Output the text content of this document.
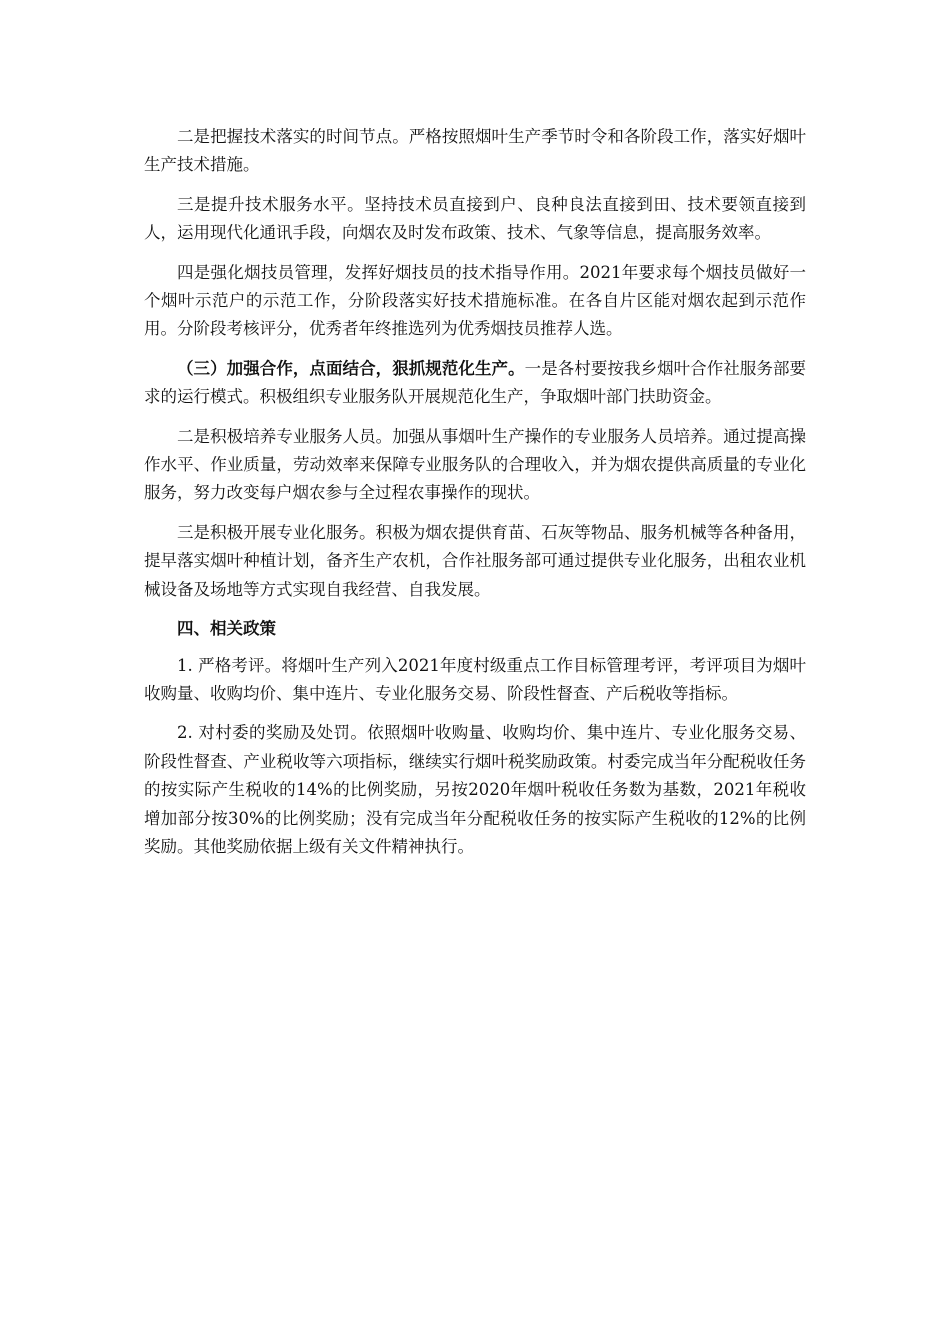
二是把握技术落实的时间节点。严格按照烟叶生产季节时令和各阶段工作，落实好烟叶生产技术措施。

三是提升技术服务水平。坚持技术员直接到户、良种良法直接到田、技术要领直接到人，运用现代化通讯手段，向烟农及时发布政策、技术、气象等信息，提高服务效率。

四是强化烟技员管理，发挥好烟技员的技术指导作用。2021年要求每个烟技员做好一个烟叶示范户的示范工作，分阶段落实好技术措施标准。在各自片区能对烟农起到示范作用。分阶段考核评分，优秀者年终推选列为优秀烟技员推荐人选。

（三）加强合作，点面结合，狠抓规范化生产。一是各村要按我乡烟叶合作社服务部要求的运行模式。积极组织专业服务队开展规范化生产，争取烟叶部门扶助资金。

二是积极培养专业服务人员。加强从事烟叶生产操作的专业服务人员培养。通过提高操作水平、作业质量，劳动效率来保障专业服务队的合理收入，并为烟农提供高质量的专业化服务，努力改变每户烟农参与全过程农事操作的现状。

三是积极开展专业化服务。积极为烟农提供育苗、石灰等物品、服务机械等各种备用，提早落实烟叶种植计划，备齐生产农机，合作社服务部可通过提供专业化服务，出租农业机械设备及场地等方式实现自我经营、自我发展。

四、相关政策

1. 严格考评。将烟叶生产列入2021年度村级重点工作目标管理考评，考评项目为烟叶收购量、收购均价、集中连片、专业化服务交易、阶段性督查、产后税收等指标。

2. 对村委的奖励及处罚。依照烟叶收购量、收购均价、集中连片、专业化服务交易、阶段性督查、产业税收等六项指标，继续实行烟叶税奖励政策。村委完成当年分配税收任务的按实际产生税收的14%的比例奖励，另按2020年烟叶税收任务数为基数，2021年税收增加部分按30%的比例奖励；没有完成当年分配税收任务的按实际产生税收的12%的比例奖励。其他奖励依据上级有关文件精神执行。
